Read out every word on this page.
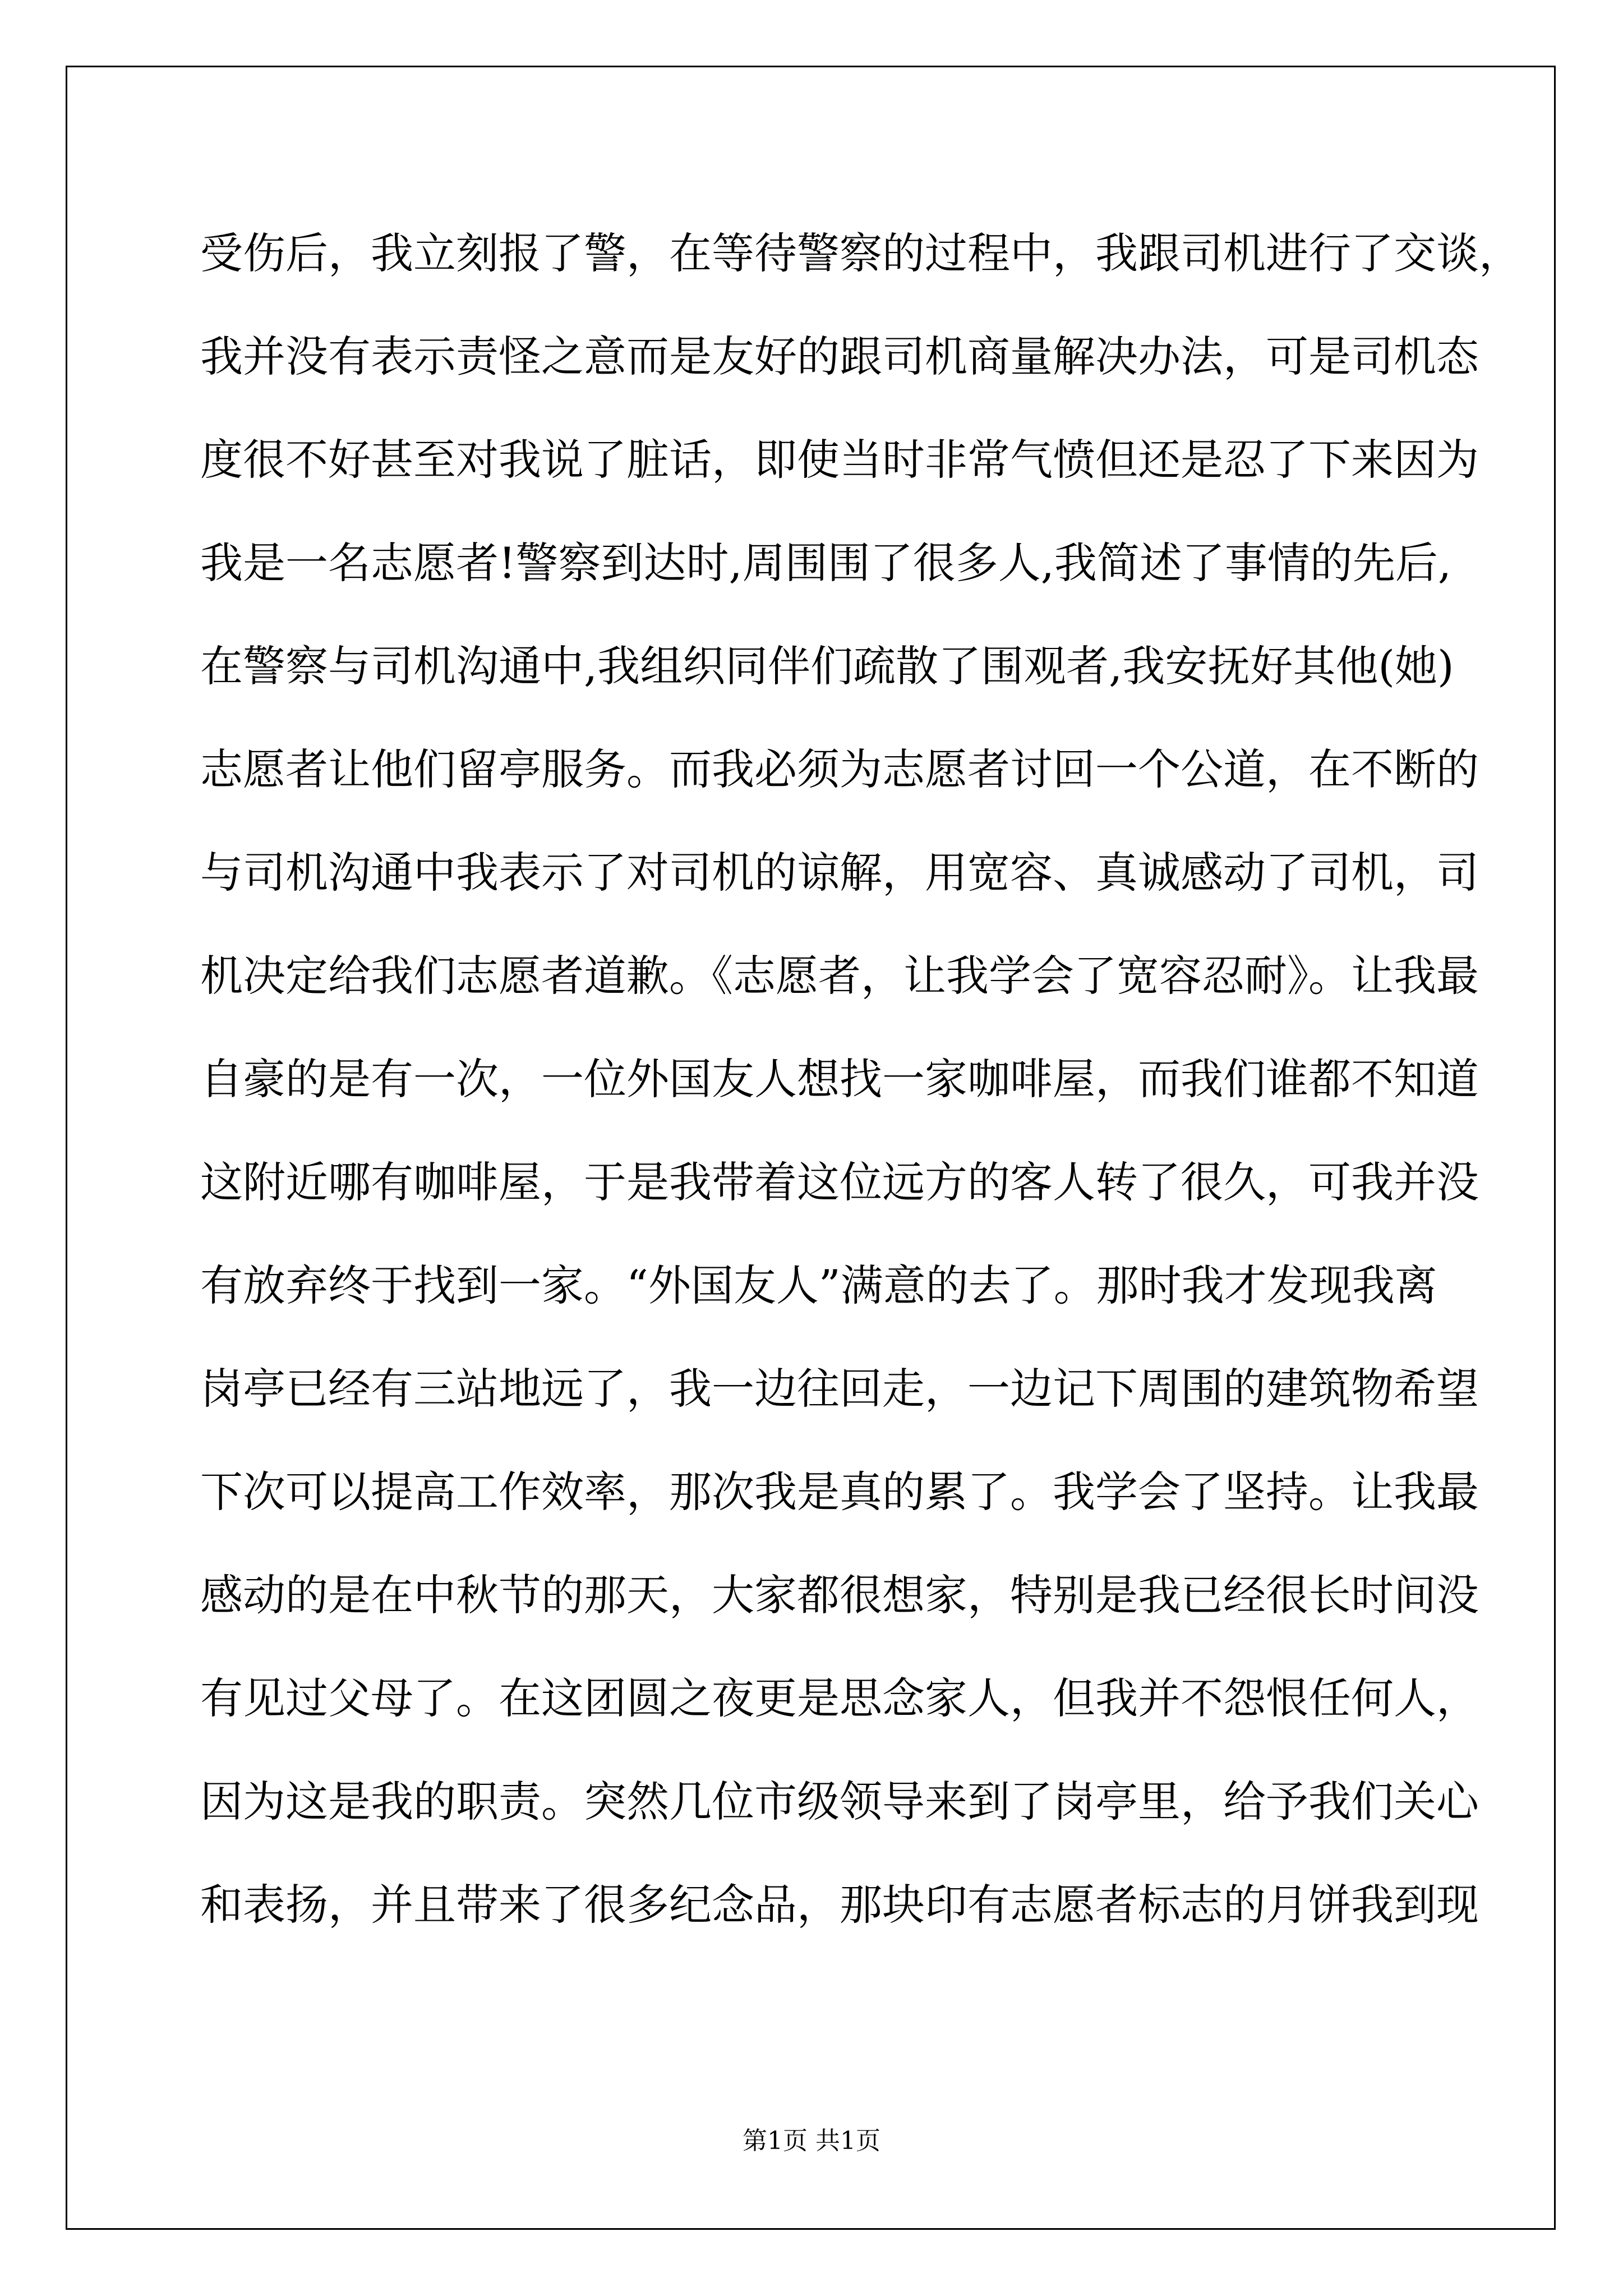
受伤后，我立刻报了警，在等待警察的过程中，我跟司机进行了交谈，
我并没有表示责怪之意而是友好的跟司机商量解决办法，可是司机态
度很不好甚至对我说了脏话，即使当时非常气愤但还是忍了下来因为
我是一名志愿者!警察到达时,周围围了很多人,我简述了事情的先后,
在警察与司机沟通中,我组织同伴们疏散了围观者,我安抚好其他(她)
志愿者让他们留亭服务。而我必须为志愿者讨回一个公道，在不断的
与司机沟通中我表示了对司机的谅解，用宽容、真诚感动了司机，司
机决定给我们志愿者道歉。《志愿者，让我学会了宽容忍耐》。让我最
自豪的是有一次，一位外国友人想找一家咖啡屋，而我们谁都不知道
这附近哪有咖啡屋，于是我带着这位远方的客人转了很久，可我并没
有放弃终于找到一家。“外国友人”满意的去了。那时我才发现我离
岗亭已经有三站地远了，我一边往回走，一边记下周围的建筑物希望
下次可以提高工作效率，那次我是真的累了。我学会了坚持。让我最
感动的是在中秋节的那天，大家都很想家，特别是我已经很长时间没
有见过父母了。在这团圆之夜更是思念家人，但我并不怨恨任何人，
因为这是我的职责。突然几位市级领导来到了岗亭里，给予我们关心
和表扬，并且带来了很多纪念品，那块印有志愿者标志的月饼我到现
第1页 共1页
